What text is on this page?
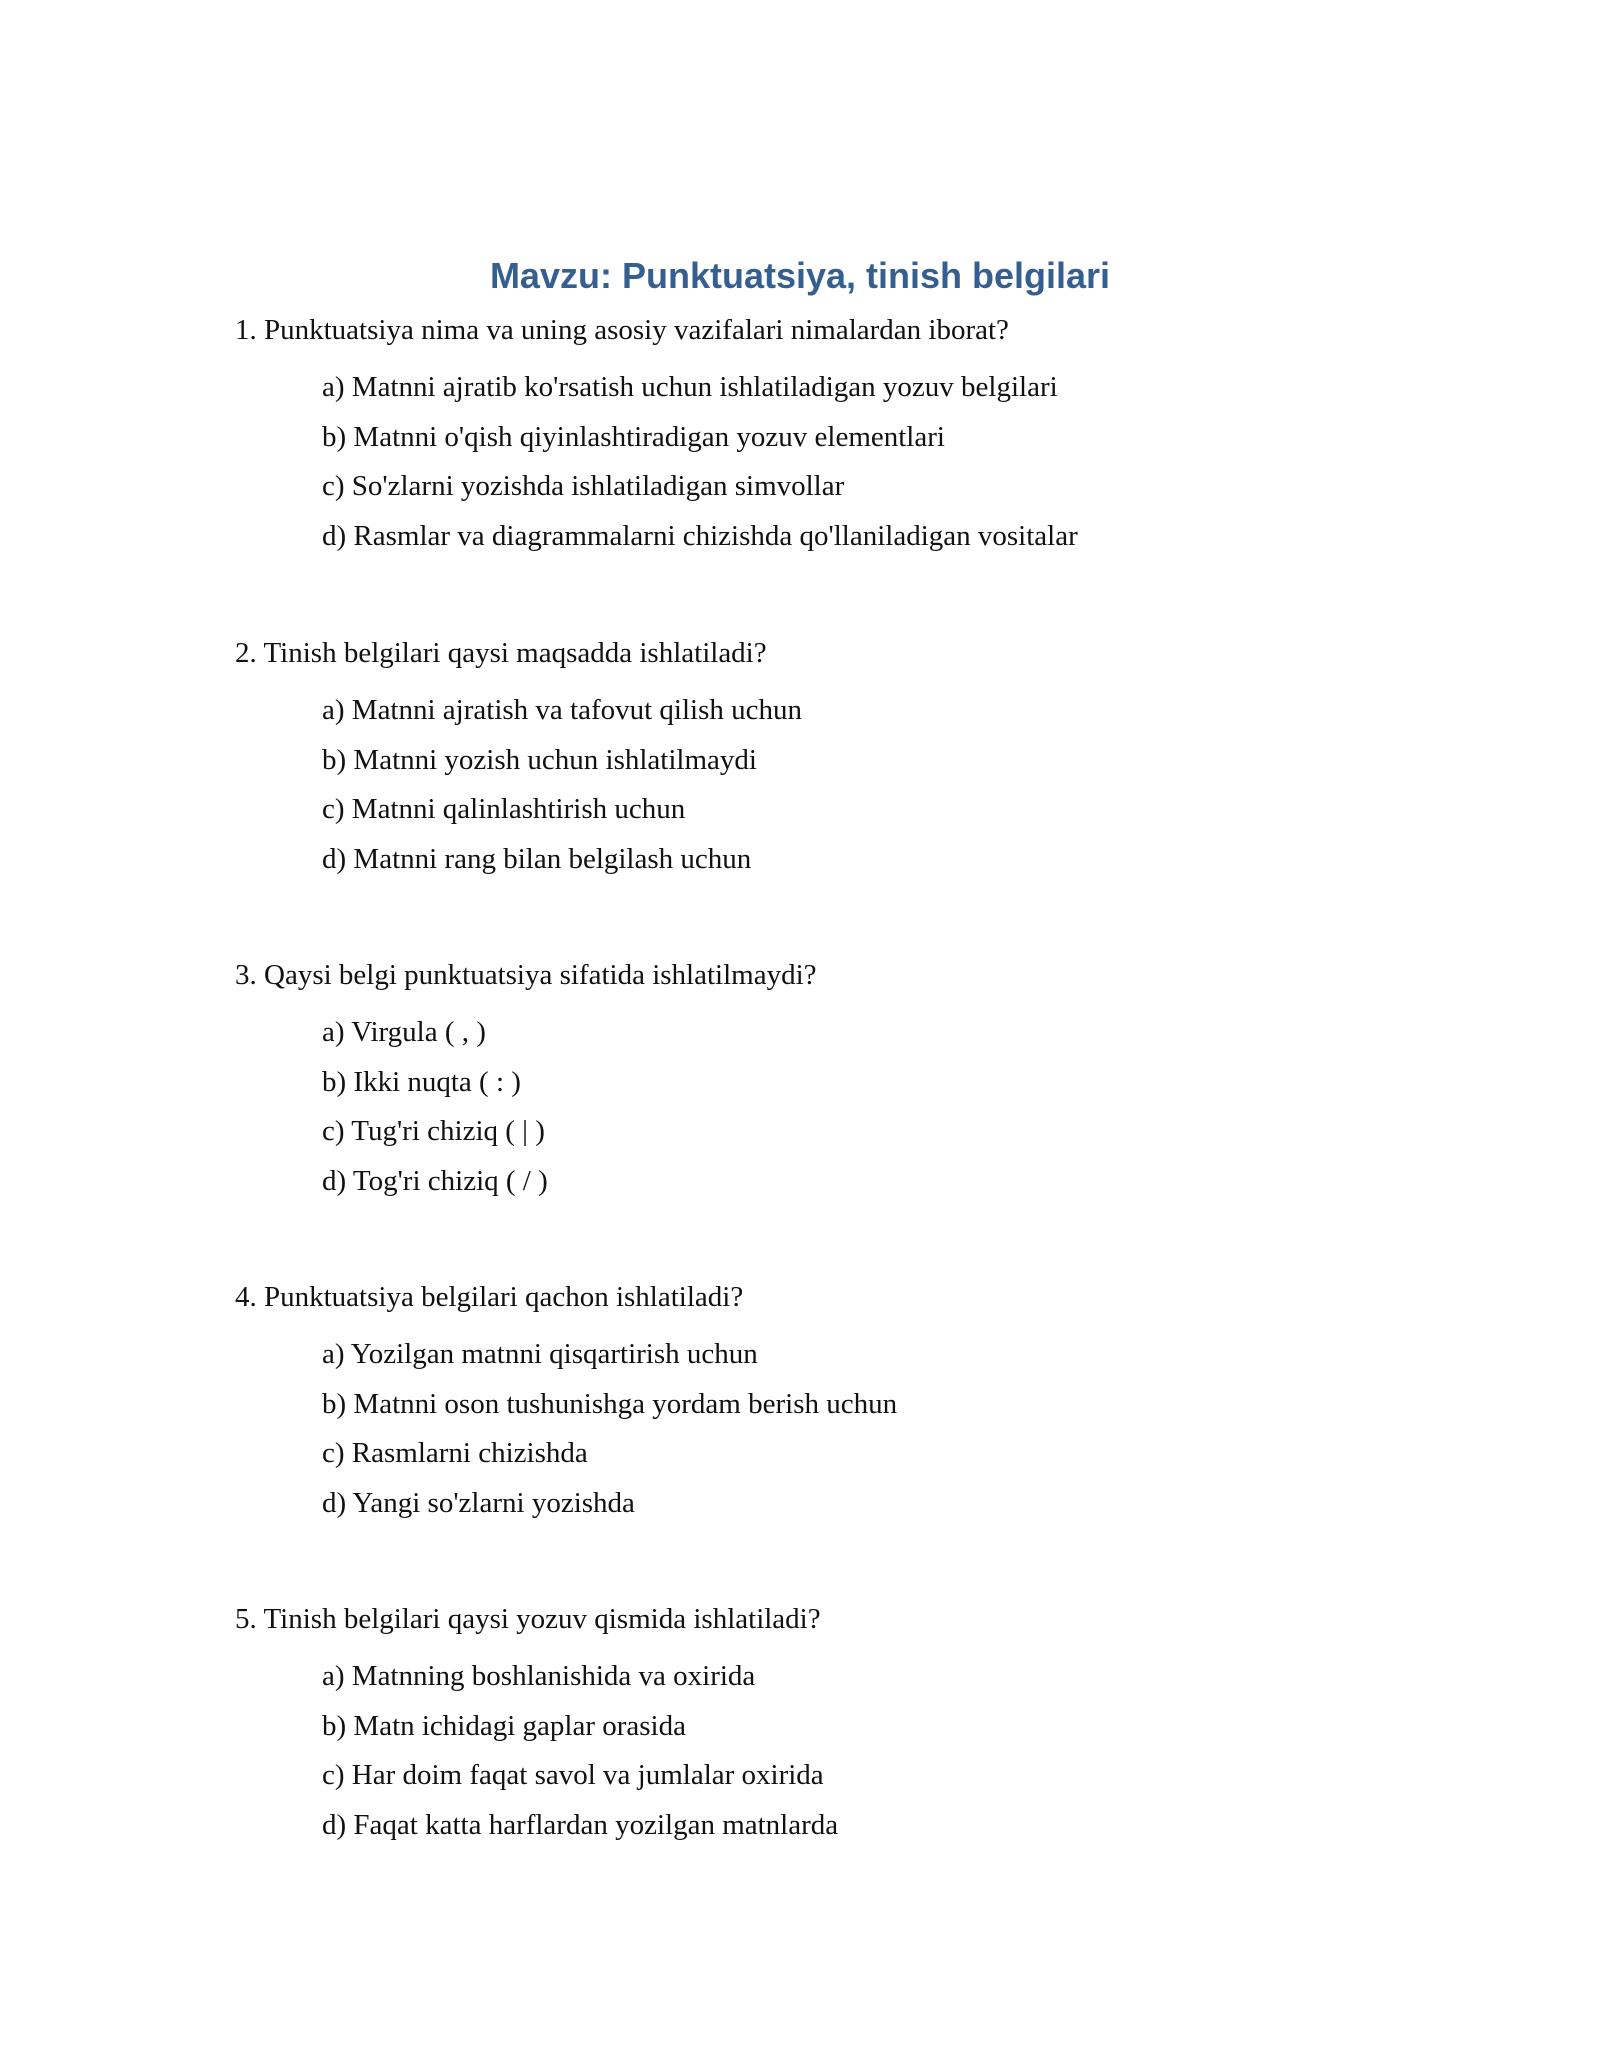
Mavzu: Punktuatsiya, tinish belgilari

1. Punktuatsiya nima va uning asosiy vazifalari nimalardan iborat?

a) Matnni ajratib ko'rsatish uchun ishlatiladigan yozuv belgilari
b) Matnni o'qish qiyinlashtiradigan yozuv elementlari
c) So'zlarni yozishda ishlatiladigan simvollar
d) Rasmlar va diagrammalarni chizishda qo'llaniladigan vositalar

2. Tinish belgilari qaysi maqsadda ishlatiladi?

a) Matnni ajratish va tafovut qilish uchun
b) Matnni yozish uchun ishlatilmaydi
c) Matnni qalinlashtirish uchun
d) Matnni rang bilan belgilash uchun

3. Qaysi belgi punktuatsiya sifatida ishlatilmaydi?

a) Virgula ( , )
b) Ikki nuqta ( : )
c) Tug'ri chiziq ( | )
d) Tog'ri chiziq ( / )

4. Punktuatsiya belgilari qachon ishlatiladi?

a) Yozilgan matnni qisqartirish uchun
b) Matnni oson tushunishga yordam berish uchun
c) Rasmlarni chizishda
d) Yangi so'zlarni yozishda

5. Tinish belgilari qaysi yozuv qismida ishlatiladi?

a) Matnning boshlanishida va oxirida
b) Matn ichidagi gaplar orasida
c) Har doim faqat savol va jumlalar oxirida
d) Faqat katta harflardan yozilgan matnlarda
